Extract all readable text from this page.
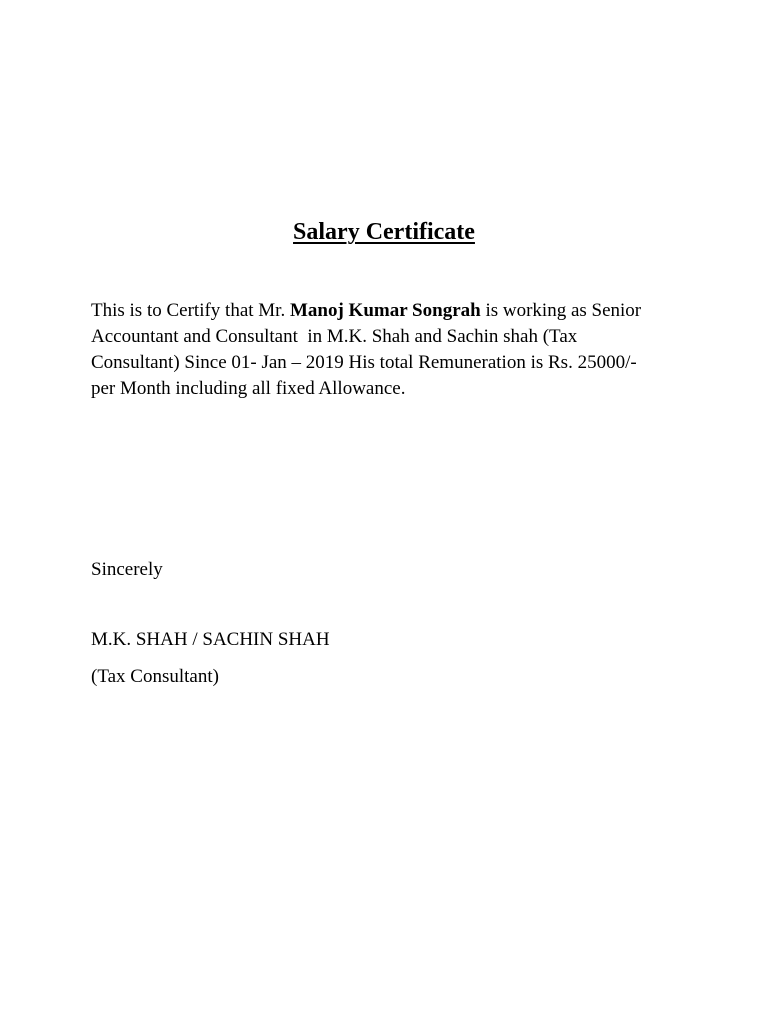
Salary Certificate

This is to Certify that Mr. Manoj Kumar Songrah is working as Senior
Accountant and Consultant  in M.K. Shah and Sachin shah (Tax
Consultant) Since 01- Jan – 2019 His total Remuneration is Rs. 25000/-
per Month including all fixed Allowance.

Sincerely

M.K. SHAH / SACHIN SHAH

(Tax Consultant)
